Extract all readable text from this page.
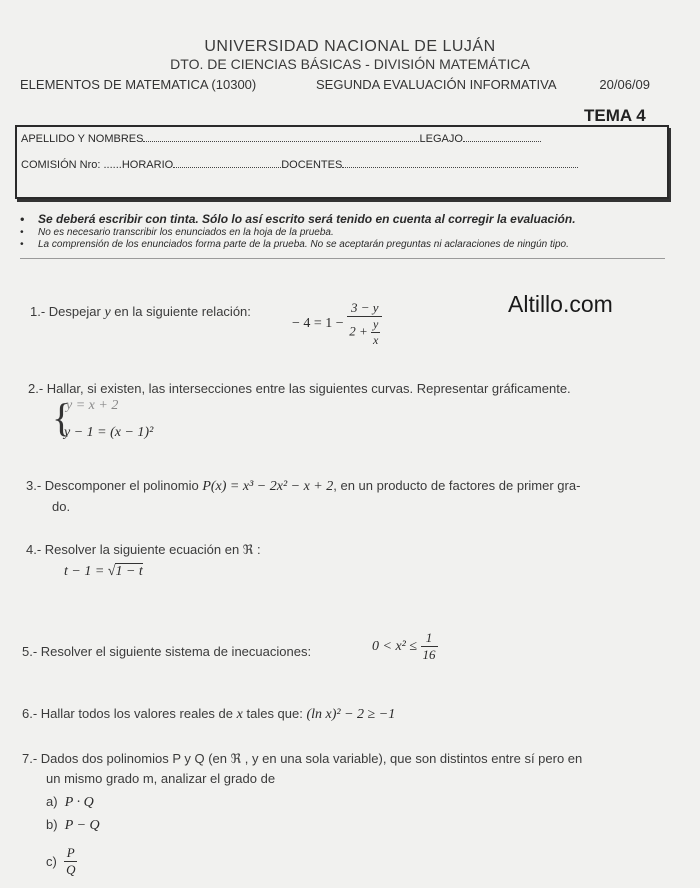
UNIVERSIDAD NACIONAL DE LUJÁN
DTO. DE CIENCIAS BÁSICAS - DIVISIÓN MATEMÁTICA
ELEMENTOS DE MATEMATICA (10300)	SEGUNDA EVALUACIÓN INFORMATIVA	20/06/09
TEMA 4
APELLIDO Y NOMBRES	LEGAJO
COMISIÓN Nro: ......HORARIO	DOCENTES
• Se deberá escribir con tinta. Sólo lo así escrito será tenido en cuenta al corregir la evaluación.
• No es necesario transcribir los enunciados en la hoja de la prueba.
• La comprensión de los enunciados forma parte de la prueba. No se aceptarán preguntas ni aclaraciones de ningún tipo.
Altillo.com
1.- Despejar y en la siguiente relación:
− $4 = 1 - \frac{3 - y}{2 + \frac{y}{x}}$
2.- Hallar, si existen, las intersecciones entre las siguientes curvas. Representar gráficamente.
{
y = x + 2
y − 1 = (x − 1)²
3.- Descomponer el polinomio P(x) = x³ − 2x² − x + 2, en un producto de factores de primer gra-
do.
4.- Resolver la siguiente ecuación en ℜ :
t − 1 = √1 − t
5.- Resolver el siguiente sistema de inecuaciones:	$0 < x^2 \le \frac{1}{16}$
6.- Hallar todos los valores reales de x tales que: (ln x)² − 2 ≥ −1
7.- Dados dos polinomios P y Q (en ℜ , y en una sola variable), que son distintos entre sí pero en
un mismo grado m, analizar el grado de
a) P · Q
b) P − Q
$c) \frac{P}{Q}$
